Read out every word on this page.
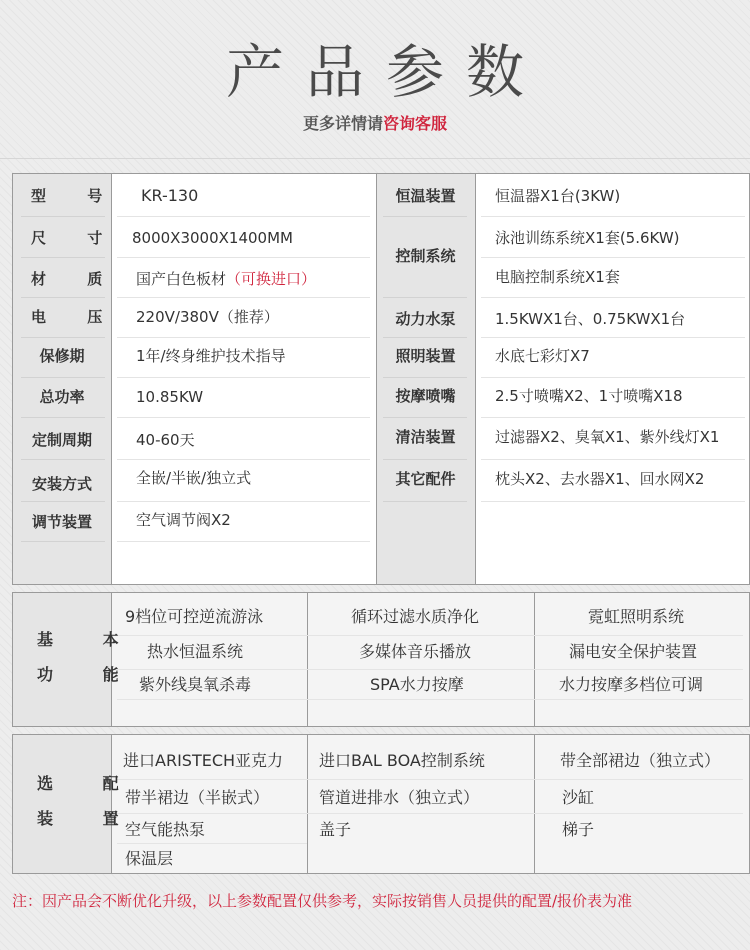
产品参数
更多详情请咨询客服
型 号
尺 寸
材 质
电 压
保修期
总功率
定制周期
安装方式
调节装置
KR-130
8000X3000X1400MM
国产白色板材（可换进口）
220V/380V（推荐）
1年/终身维护技术指导
10.85KW
40-60天
全嵌/半嵌/独立式
空气调节阀X2
恒温装置
控制系统
动力水泵
照明装置
按摩喷嘴
清洁装置
其它配件
恒温器X1台(3KW)
泳池训练系统X1套(5.6KW)
电脑控制系统X1套
1.5KWX1台、0.75KWX1台
水底七彩灯X7
2.5寸喷嘴X2、1寸喷嘴X18
过滤器X2、臭氧X1、紫外线灯X1
枕头X2、去水器X1、回水网X2
基 本
功 能
9档位可控逆流游泳
热水恒温系统
紫外线臭氧杀毒
循环过滤水质净化
多媒体音乐播放
SPA水力按摩
霓虹照明系统
漏电安全保护装置
水力按摩多档位可调
选 配
装 置
进口ARISTECH亚克力
带半裙边（半嵌式）
空气能热泵
保温层
进口BAL BOA控制系统
管道进排水（独立式）
盖子
带全部裙边（独立式）
沙缸
梯子
注：因产品会不断优化升级，以上参数配置仅供参考，实际按销售人员提供的配置/报价表为准
